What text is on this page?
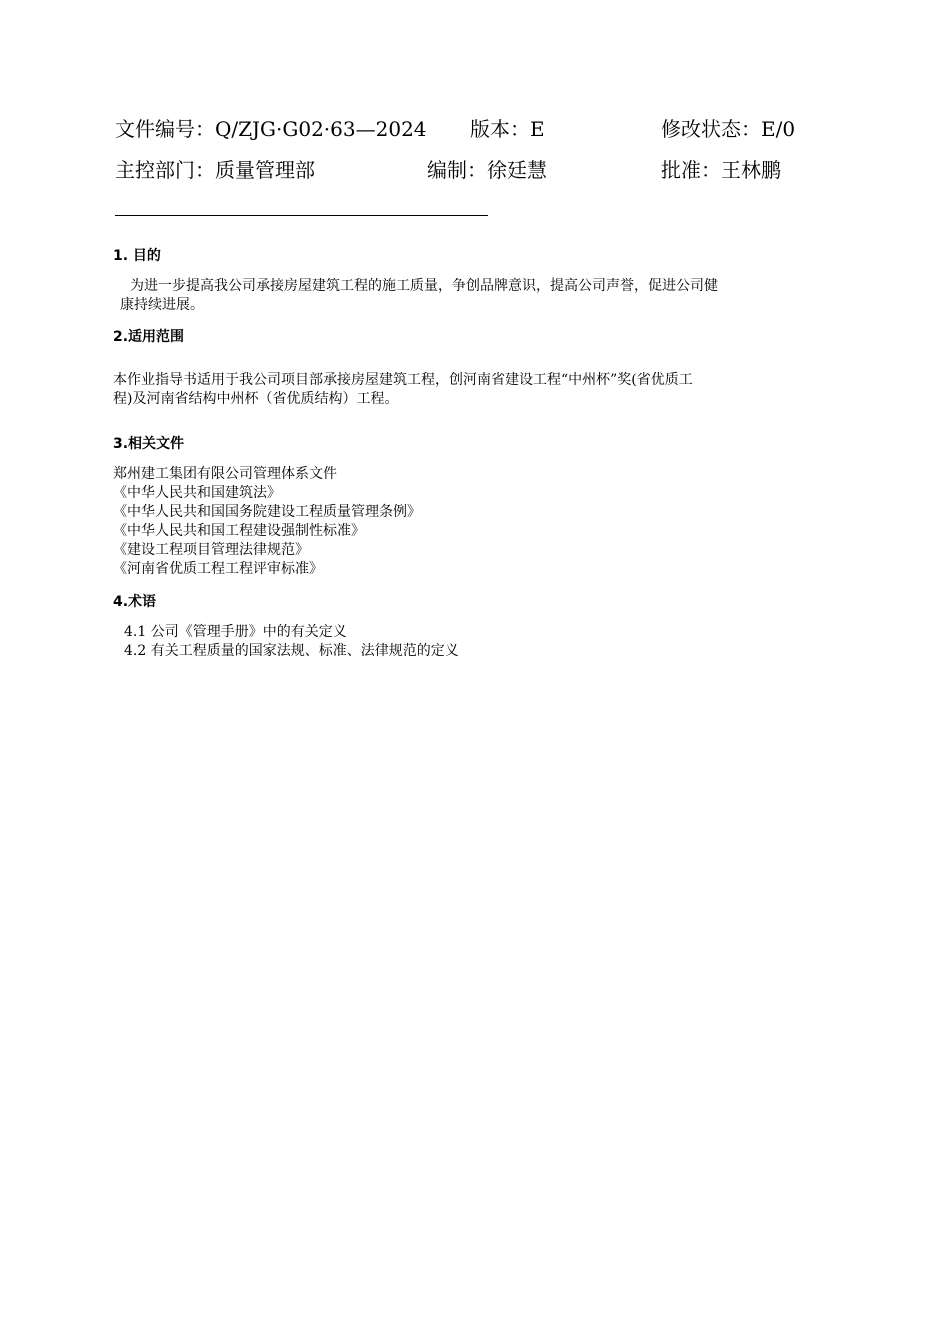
文件编号：Q/ZJG·G02·63—2024 版本：E	修改状态：E/0
主控部门：质量管理部	编制：徐廷慧	批准：王林鹏
1. 目的
为进一步提高我公司承接房屋建筑工程的施工质量，争创品牌意识，提高公司声誉，促进公司健
康持续进展。
2.适用范围
本作业指导书适用于我公司项目部承接房屋建筑工程，创河南省建设工程“中州杯”奖(省优质工
程)及河南省结构中州杯（省优质结构）工程。
3.相关文件
郑州建工集团有限公司管理体系文件
《中华人民共和国建筑法》
《中华人民共和国国务院建设工程质量管理条例》
《中华人民共和国工程建设强制性标准》
《建设工程项目管理法律规范》
《河南省优质工程工程评审标准》
4.术语
4.1 公司《管理手册》中的有关定义
4.2 有关工程质量的国家法规、标准、法律规范的定义
